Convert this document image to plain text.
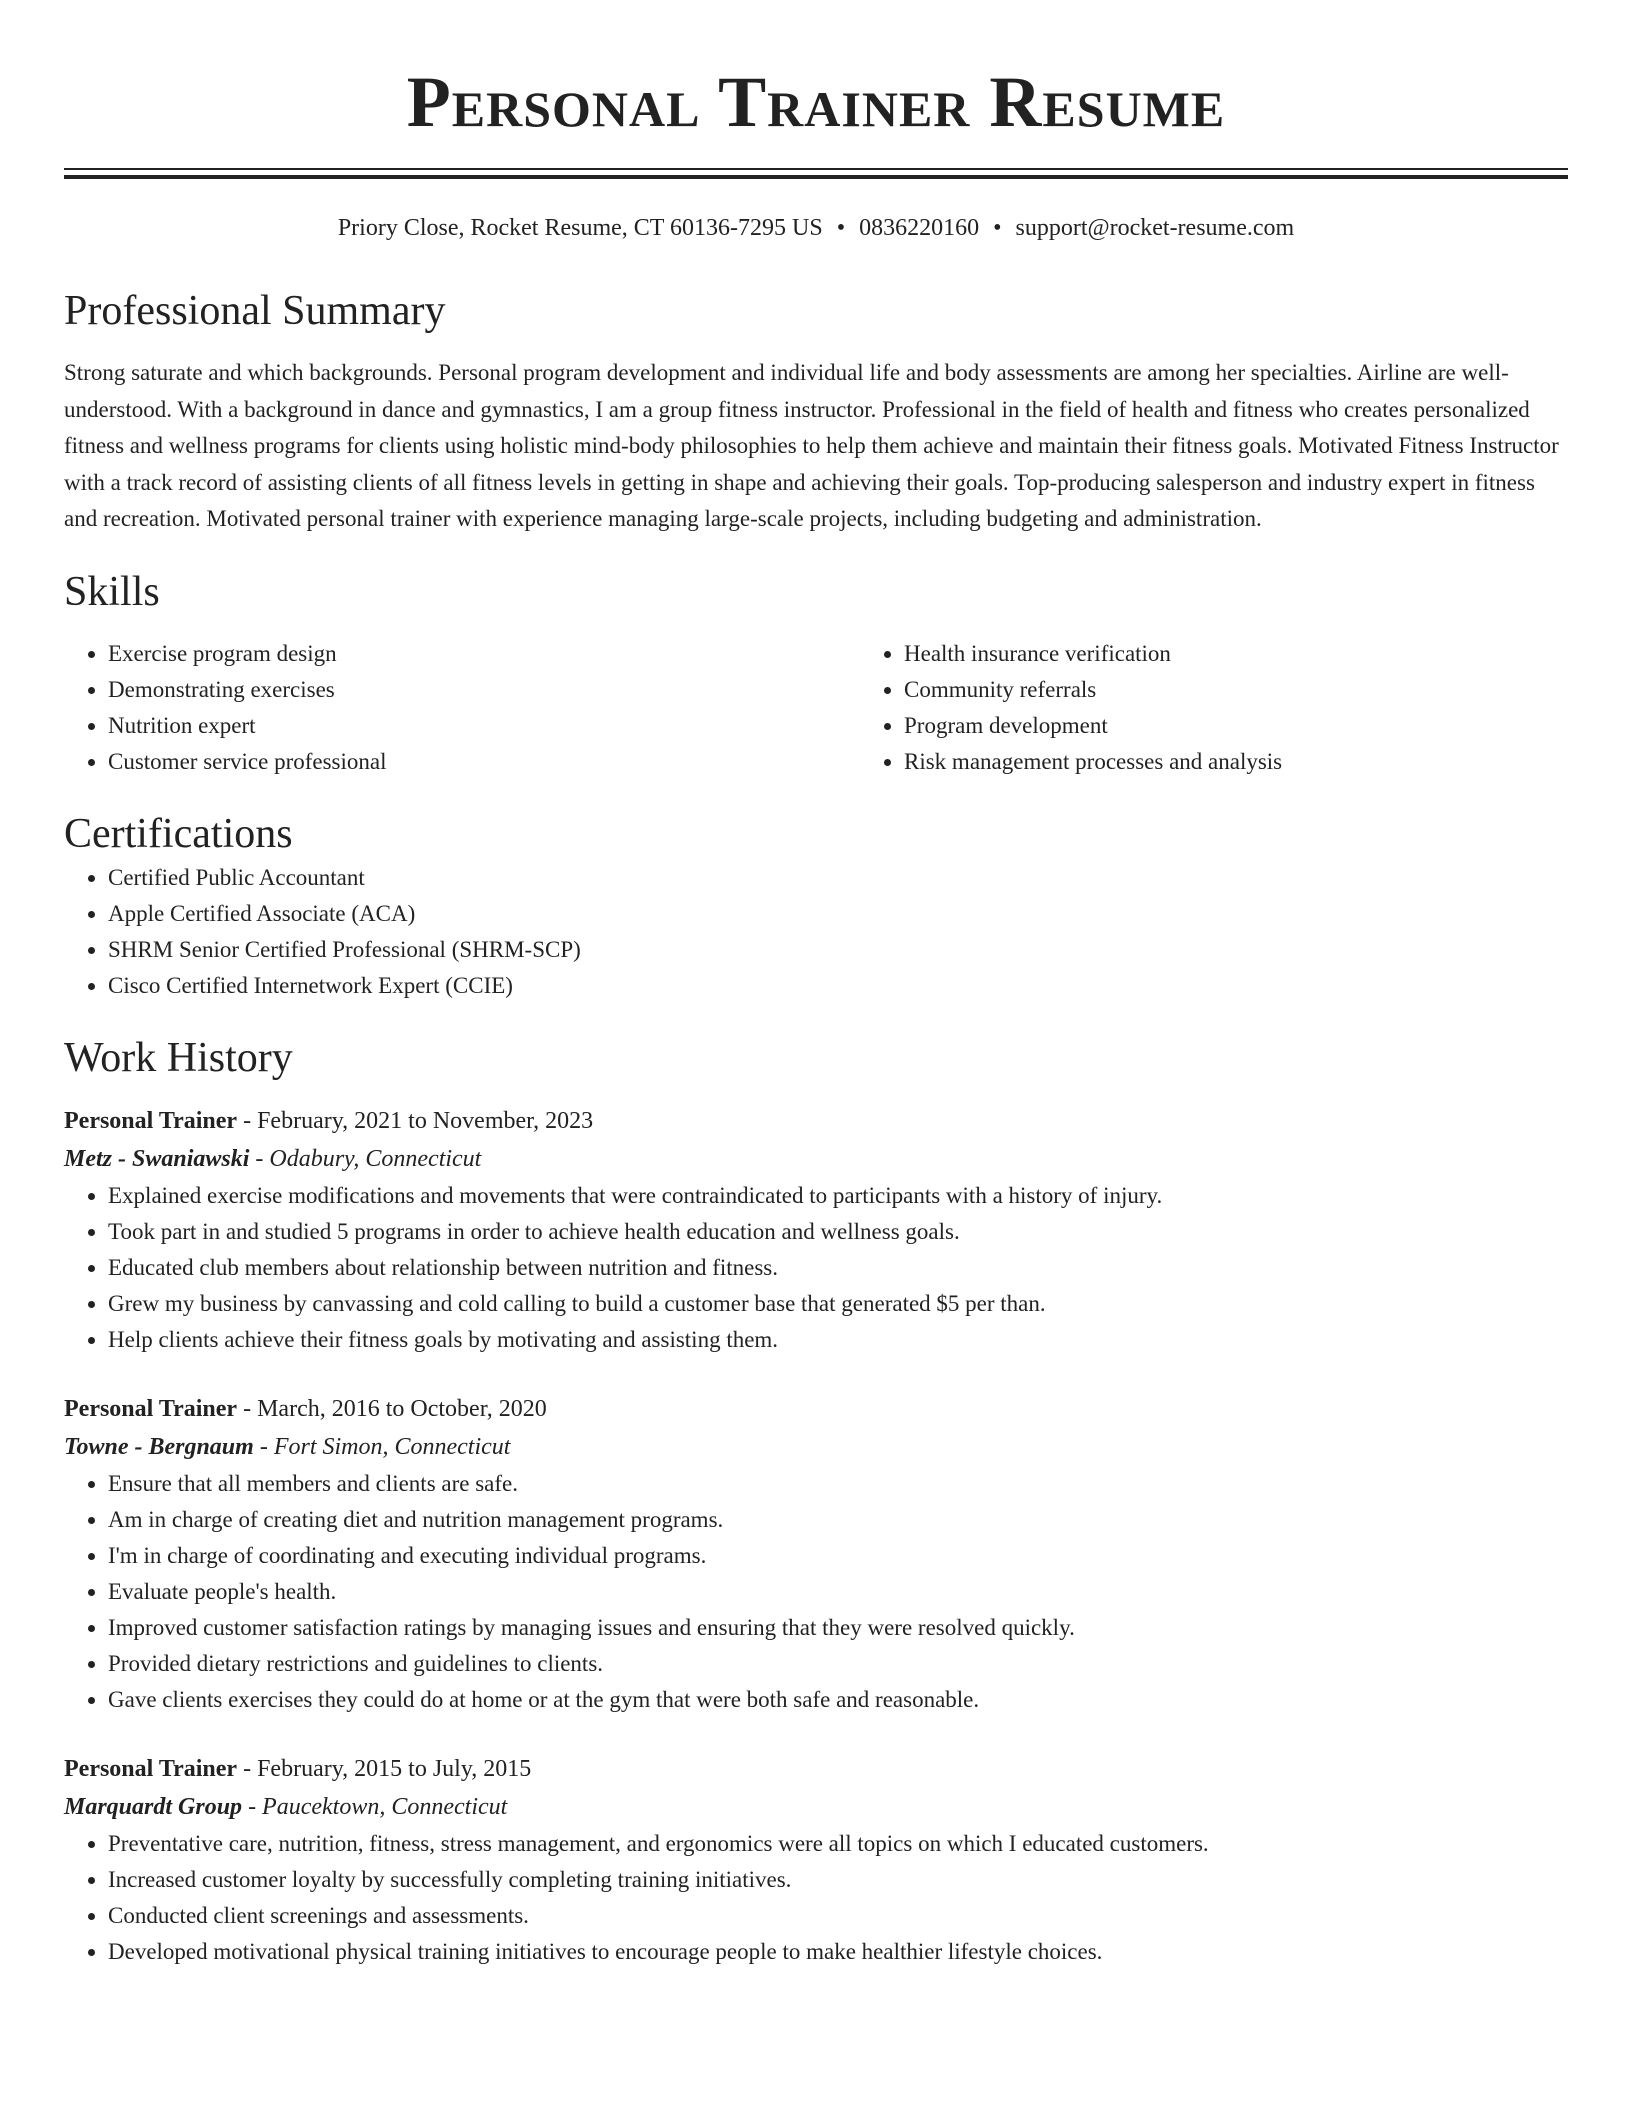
Personal Trainer Resume
Priory Close, Rocket Resume, CT 60136-7295 US • 0836220160 • support@rocket-resume.com
Professional Summary

Strong saturate and which backgrounds. Personal program development and individual life and body assessments are among her specialties. Airline are well-understood. With a background in dance and gymnastics, I am a group fitness instructor. Professional in the field of health and fitness who creates personalized fitness and wellness programs for clients using holistic mind-body philosophies to help them achieve and maintain their fitness goals. Motivated Fitness Instructor with a track record of assisting clients of all fitness levels in getting in shape and achieving their goals. Top-producing salesperson and industry expert in fitness and recreation. Motivated personal trainer with experience managing large-scale projects, including budgeting and administration.

Skills
• Exercise program design
• Demonstrating exercises
• Nutrition expert
• Customer service professional
• Health insurance verification
• Community referrals
• Program development
• Risk management processes and analysis
Certifications
• Certified Public Accountant
• Apple Certified Associate (ACA)
• SHRM Senior Certified Professional (SHRM-SCP)
• Cisco Certified Internetwork Expert (CCIE)
Work History

Personal Trainer - February, 2021 to November, 2023

Metz - Swaniawski - Odabury, Connecticut

• Explained exercise modifications and movements that were contraindicated to participants with a history of injury.
• Took part in and studied 5 programs in order to achieve health education and wellness goals.
• Educated club members about relationship between nutrition and fitness.
• Grew my business by canvassing and cold calling to build a customer base that generated $5 per than.
• Help clients achieve their fitness goals by motivating and assisting them.

Personal Trainer - March, 2016 to October, 2020

Towne - Bergnaum - Fort Simon, Connecticut

• Ensure that all members and clients are safe.
• Am in charge of creating diet and nutrition management programs.
• I'm in charge of coordinating and executing individual programs.
• Evaluate people's health.
• Improved customer satisfaction ratings by managing issues and ensuring that they were resolved quickly.
• Provided dietary restrictions and guidelines to clients.
• Gave clients exercises they could do at home or at the gym that were both safe and reasonable.

Personal Trainer - February, 2015 to July, 2015

Marquardt Group - Paucektown, Connecticut

• Preventative care, nutrition, fitness, stress management, and ergonomics were all topics on which I educated customers.
• Increased customer loyalty by successfully completing training initiatives.
• Conducted client screenings and assessments.
• Developed motivational physical training initiatives to encourage people to make healthier lifestyle choices.
